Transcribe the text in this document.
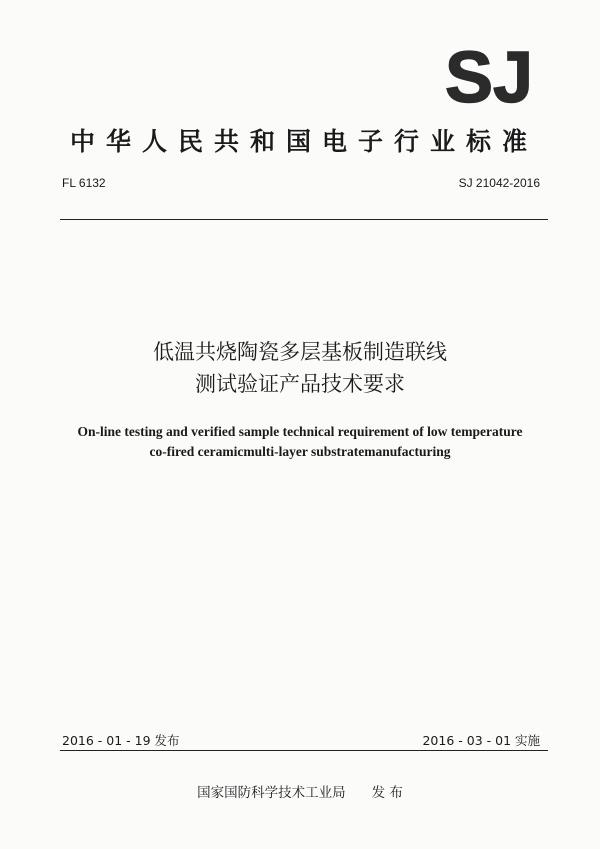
SJ
中华人民共和国电子行业标准
FL 6132	SJ 21042-2016
低温共烧陶瓷多层基板制造联线
测试验证产品技术要求
On-line testing and verified sample technical requirement of low temperature
co-fired ceramicmulti-layer substratemanufacturing
2016 - 01 - 19 发布	2016 - 03 - 01 实施
国家国防科学技术工业局 发 布
